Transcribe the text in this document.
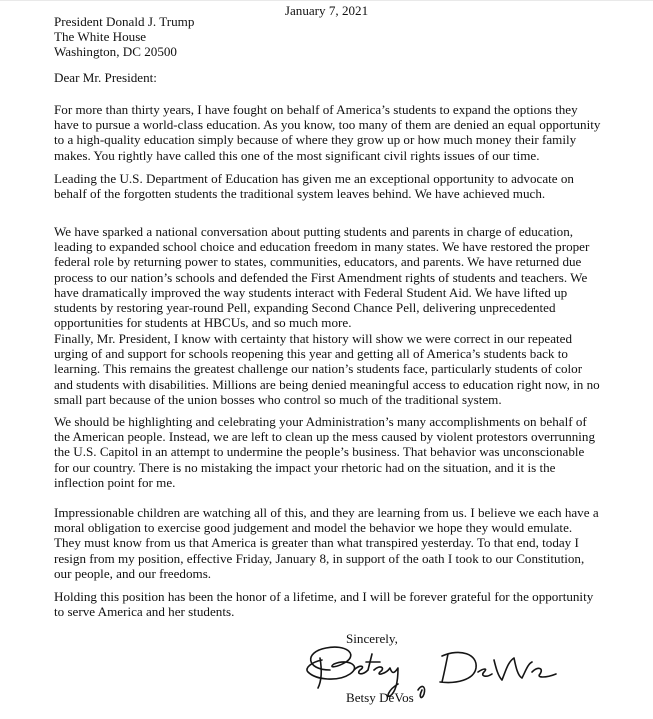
January 7, 2021
President Donald J. Trump
The White House
Washington, DC 20500
Dear Mr. President:

For more than thirty years, I have fought on behalf of America’s students to expand the options they have to pursue a world-class education. As you know, too many of them are denied an equal opportunity to a high-quality education simply because of where they grow up or how much money their family makes. You rightly have called this one of the most significant civil rights issues of our time.

Leading the U.S. Department of Education has given me an exceptional opportunity to advocate on behalf of the forgotten students the traditional system leaves behind. We have achieved much.

We have sparked a national conversation about putting students and parents in charge of education, leading to expanded school choice and education freedom in many states. We have restored the proper federal role by returning power to states, communities, educators, and parents. We have returned due process to our nation’s schools and defended the First Amendment rights of students and teachers. We have dramatically improved the way students interact with Federal Student Aid. We have lifted up students by restoring year-round Pell, expanding Second Chance Pell, delivering unprecedented opportunities for students at HBCUs, and so much more.

Finally, Mr. President, I know with certainty that history will show we were correct in our repeated urging of and support for schools reopening this year and getting all of America’s students back to learning. This remains the greatest challenge our nation’s students face, particularly students of color and students with disabilities. Millions are being denied meaningful access to education right now, in no small part because of the union bosses who control so much of the traditional system.

We should be highlighting and celebrating your Administration’s many accomplishments on behalf of the American people. Instead, we are left to clean up the mess caused by violent protestors overrunning the U.S. Capitol in an attempt to undermine the people’s business. That behavior was unconscionable for our country. There is no mistaking the impact your rhetoric had on the situation, and it is the inflection point for me.

Impressionable children are watching all of this, and they are learning from us. I believe we each have a moral obligation to exercise good judgement and model the behavior we hope they would emulate. They must know from us that America is greater than what transpired yesterday. To that end, today I resign from my position, effective Friday, January 8, in support of the oath I took to our Constitution, our people, and our freedoms.

Holding this position has been the honor of a lifetime, and I will be forever grateful for the opportunity to serve America and her students.

Sincerely,
Betsy DeVos
